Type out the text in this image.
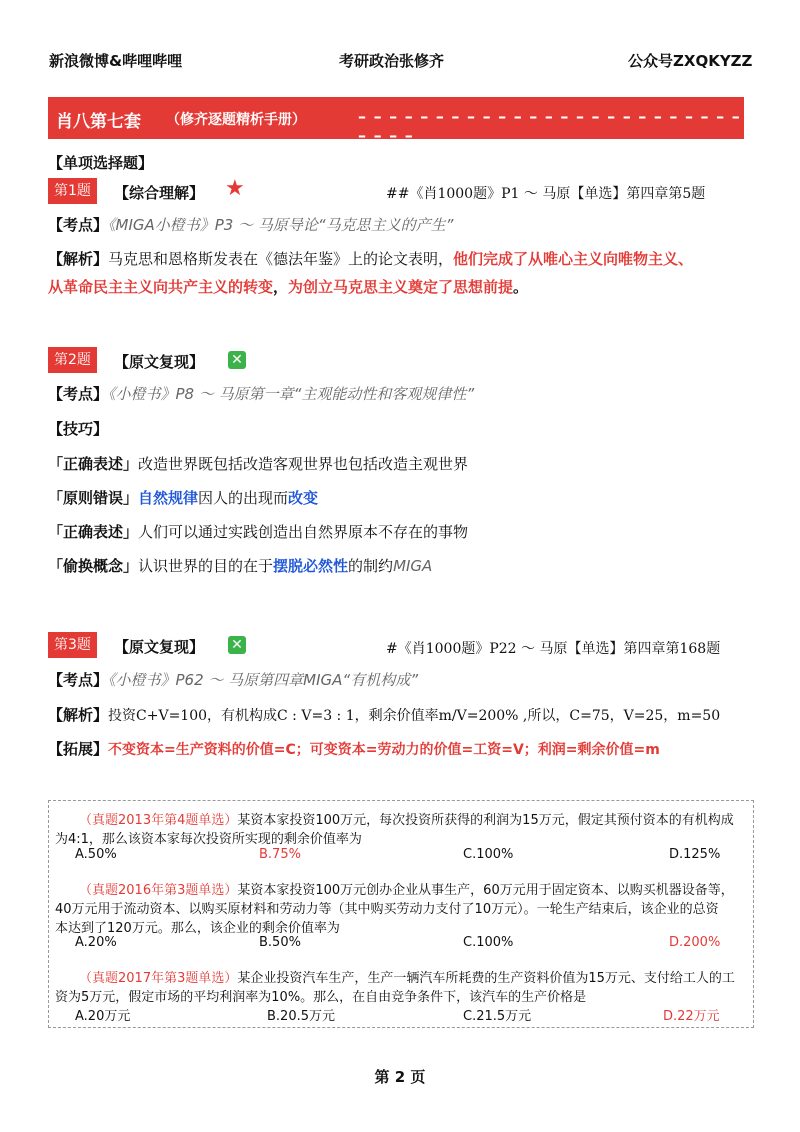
新浪微博&哔哩哔哩	考研政治张修齐	公众号ZXQKYZZ
肖八第七套 （修齐逐题精析手册）	– – – – – – – – – – – – – – – – – – – – – – – – – – – – –
【单项选择题】
第1题	【综合理解】 ★	##《肖1000题》P1 ～ 马原【单选】第四章第5题
【考点】《MIGA小橙书》P3 ～ 马原导论“马克思主义的产生”
【解析】马克思和恩格斯发表在《德法年鉴》上的论文表明，他们完成了从唯心主义向唯物主义、
从革命民主主义向共产主义的转变，为创立马克思主义奠定了思想前提。
第2题	【原文复现】 ✕
【考点】《小橙书》P8 ～ 马原第一章“主观能动性和客观规律性”
【技巧】
「正确表述」改造世界既包括改造客观世界也包括改造主观世界
「原则错误」自然规律因人的出现而改变
「正确表述」人们可以通过实践创造出自然界原本不存在的事物
「偷换概念」认识世界的目的在于摆脱必然性的制约MIGA
第3题	【原文复现】 ✕	#《肖1000题》P22 ～ 马原【单选】第四章第168题
【考点】《小橙书》P62 ～ 马原第四章MIGA“有机构成”
【解析】投资C+V=100，有机构成C : V=3 : 1，剩余价值率m/V=200% ,所以，C=75，V=25，m=50
【拓展】不变资本=生产资料的价值=C；可变资本=劳动力的价值=工资=V；利润=剩余价值=m
（真题2013年第4题单选）某资本家投资100万元，每次投资所获得的利润为15万元，假定其预付资本的有机构成
为4:1，那么该资本家每次投资所实现的剩余价值率为
A.50%	B.75%	C.100%	D.125%
（真题2016年第3题单选）某资本家投资100万元创办企业从事生产，60万元用于固定资本、以购买机器设备等，
40万元用于流动资本、以购买原材料和劳动力等（其中购买劳动力支付了10万元）。一轮生产结束后，该企业的总资
本达到了120万元。那么，该企业的剩余价值率为
A.20%	B.50%	C.100%	D.200%
（真题2017年第3题单选）某企业投资汽车生产，生产一辆汽车所耗费的生产资料价值为15万元、支付给工人的工
资为5万元，假定市场的平均利润率为10%。那么，在自由竞争条件下，该汽车的生产价格是
A.20万元	B.20.5万元	C.21.5万元	D.22万元
第 2 页
